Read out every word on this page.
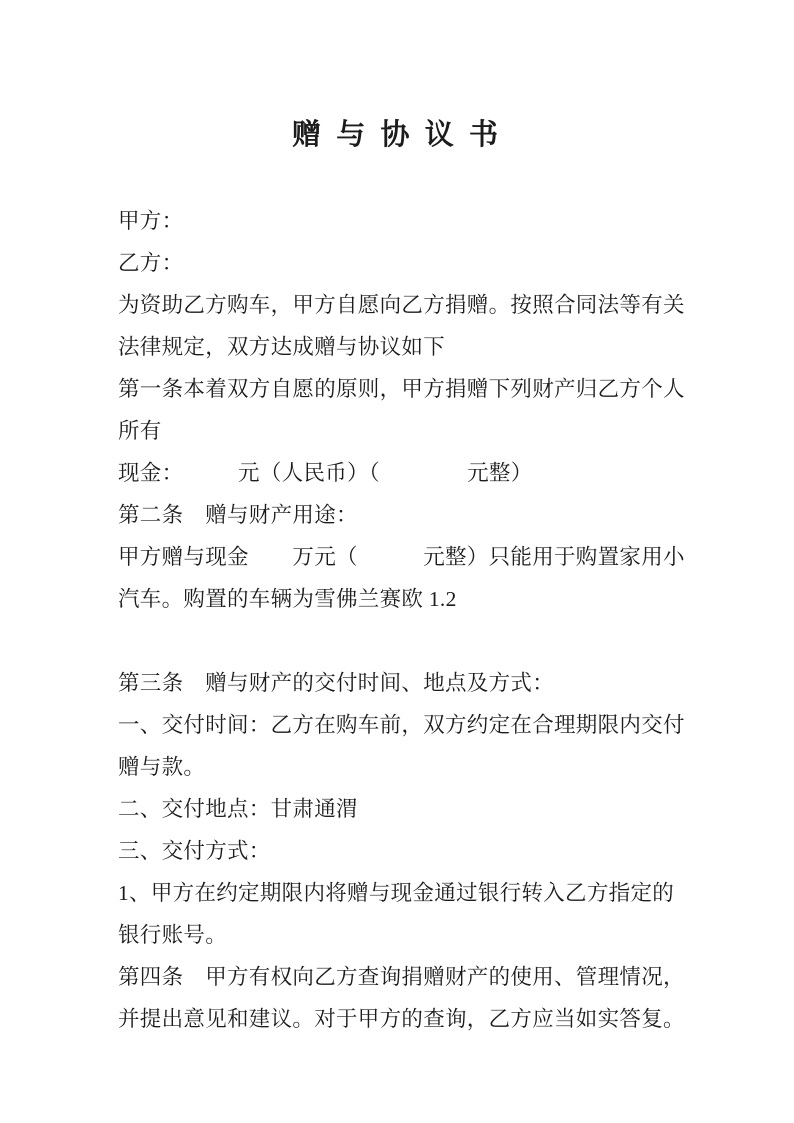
赠 与 协 议 书
甲方：
乙方：
为资助乙方购车，甲方自愿向乙方捐赠。按照合同法等有关
法律规定，双方达成赠与协议如下
第一条本着双方自愿的原则，甲方捐赠下列财产归乙方个人
所有
现金：　　　元（人民币）（　　　　元整）
第二条　赠与财产用途：
甲方赠与现金　　万元（　　　元整）只能用于购置家用小
汽车。购置的车辆为雪佛兰赛欧 1.2
第三条　赠与财产的交付时间、地点及方式：
一、交付时间：乙方在购车前，双方约定在合理期限内交付
赠与款。
二、交付地点：甘肃通渭
三、交付方式：
1、甲方在约定期限内将赠与现金通过银行转入乙方指定的
银行账号。
第四条　甲方有权向乙方查询捐赠财产的使用、管理情况，
并提出意见和建议。对于甲方的查询，乙方应当如实答复。
